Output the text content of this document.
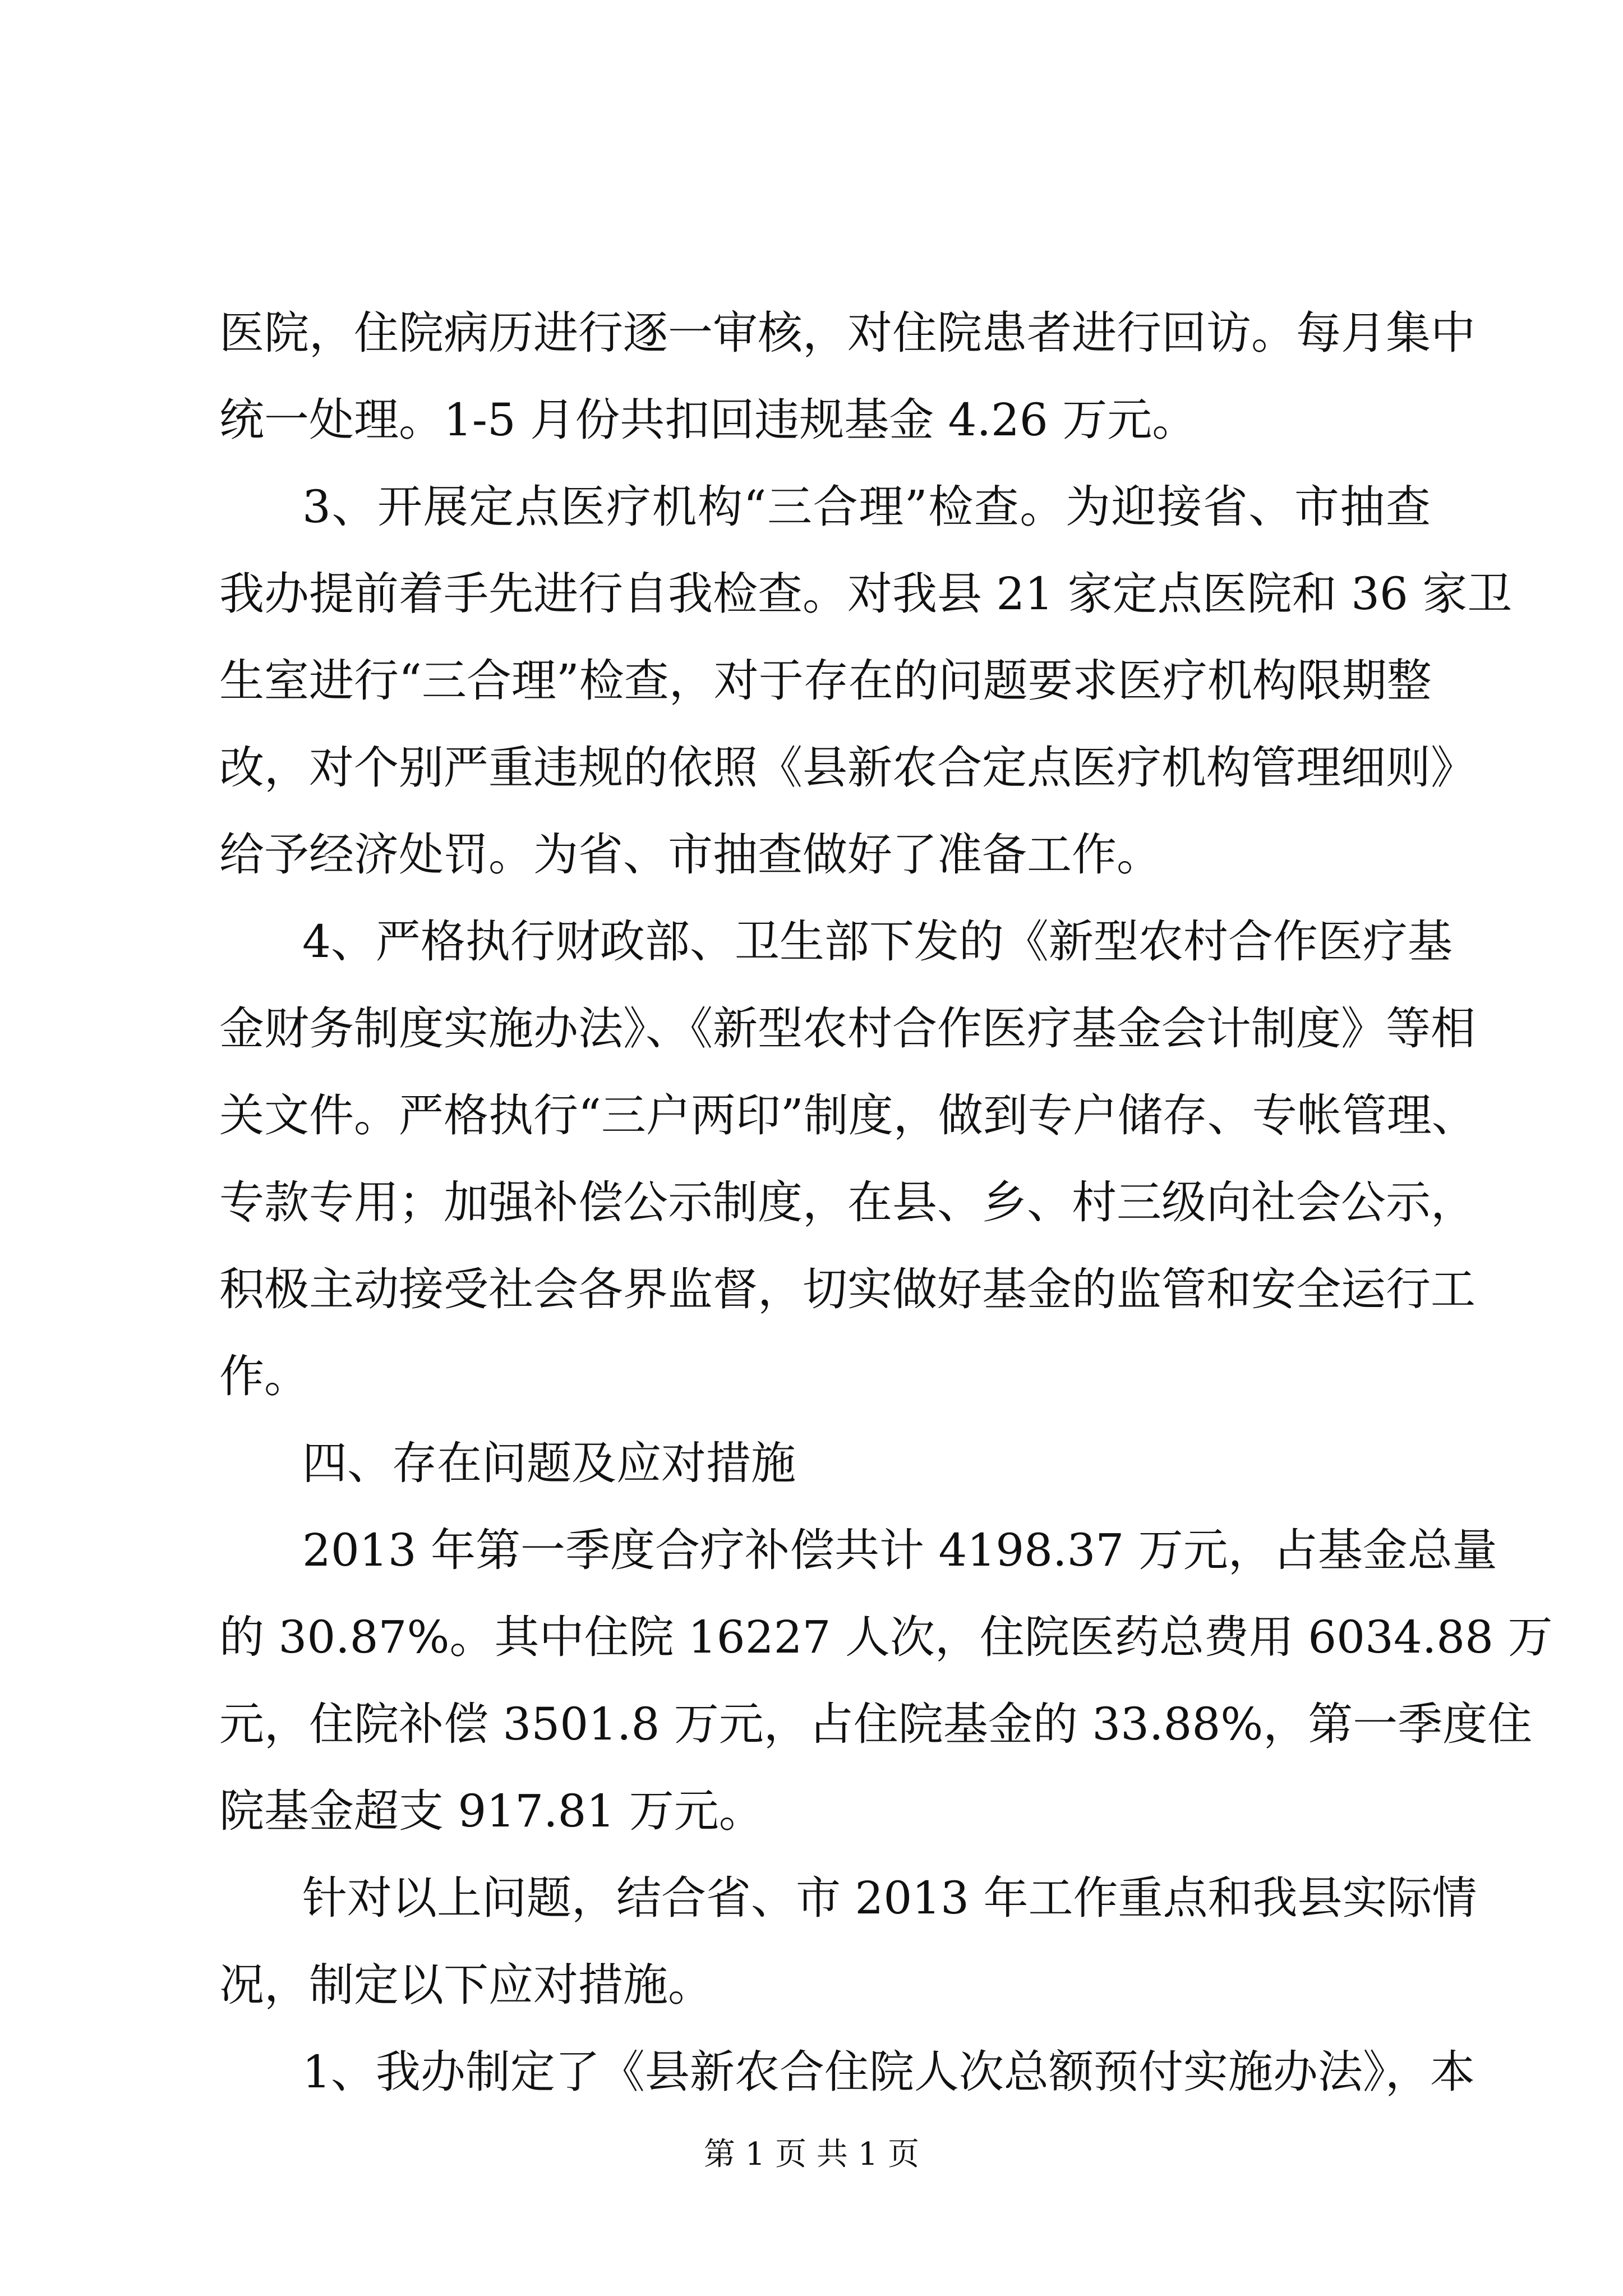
医院，住院病历进行逐一审核，对住院患者进行回访。每月集中

统一处理。1-5 月份共扣回违规基金 4.26 万元。

3、开展定点医疗机构“三合理”检查。为迎接省、市抽查

我办提前着手先进行自我检查。对我县 21 家定点医院和 36 家卫

生室进行“三合理”检查，对于存在的问题要求医疗机构限期整

改，对个别严重违规的依照《县新农合定点医疗机构管理细则》

给予经济处罚。为省、市抽查做好了准备工作。

4、严格执行财政部、卫生部下发的《新型农村合作医疗基

金财务制度实施办法》、《新型农村合作医疗基金会计制度》等相

关文件。严格执行“三户两印”制度，做到专户储存、专帐管理、

专款专用；加强补偿公示制度，在县、乡、村三级向社会公示，

积极主动接受社会各界监督，切实做好基金的监管和安全运行工

作。

四、存在问题及应对措施

2013 年第一季度合疗补偿共计 4198.37 万元，占基金总量

的 30.87%。其中住院 16227 人次，住院医药总费用 6034.88 万

元，住院补偿 3501.8 万元，占住院基金的 33.88%，第一季度住

院基金超支 917.81 万元。

针对以上问题，结合省、市 2013 年工作重点和我县实际情

况，制定以下应对措施。

1、我办制定了《县新农合住院人次总额预付实施办法》，本

第 1 页 共 1 页
